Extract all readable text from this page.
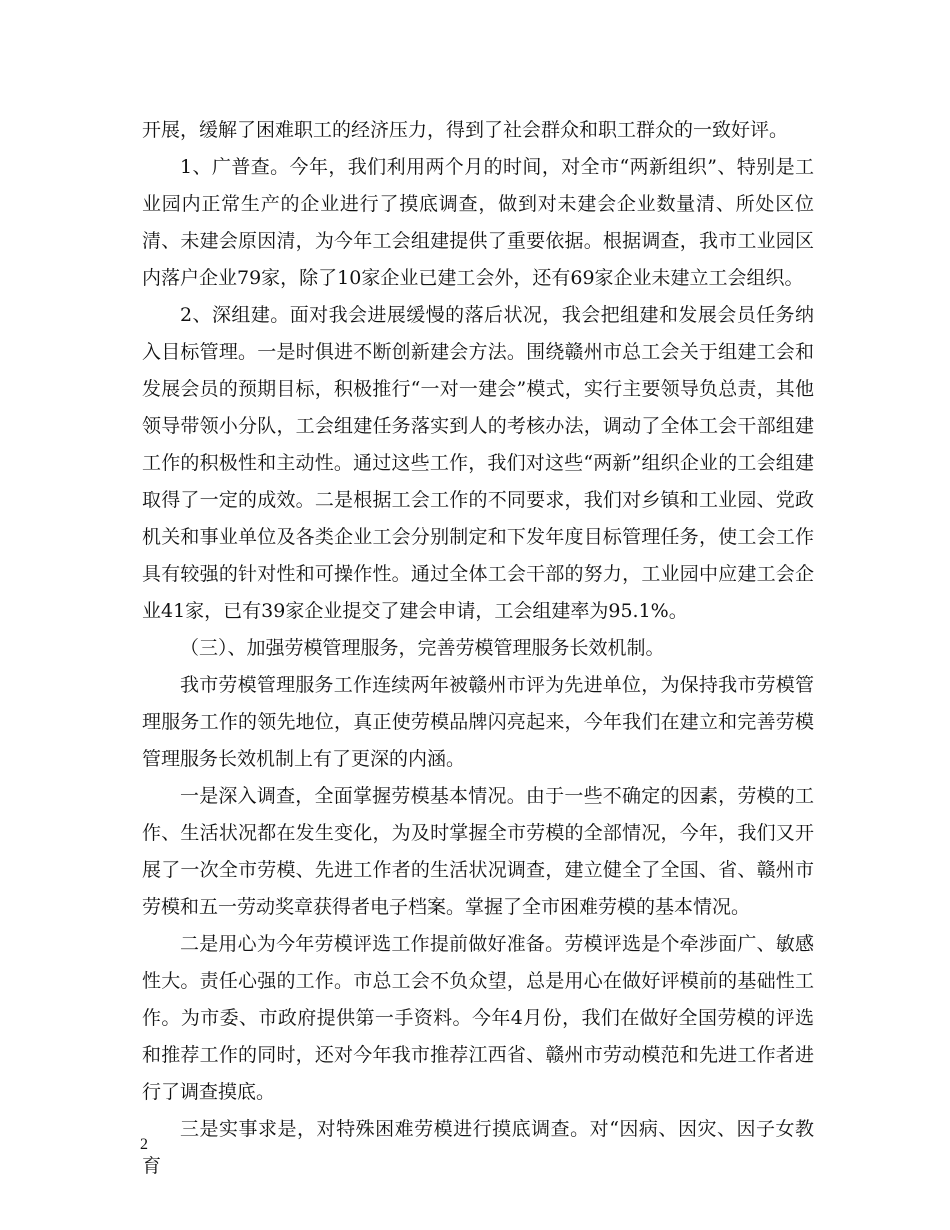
开展，缓解了困难职工的经济压力，得到了社会群众和职工群众的一致好评。

1、广普查。今年，我们利用两个月的时间，对全市“两新组织”、特别是工业园内正常生产的企业进行了摸底调查，做到对未建会企业数量清、所处区位清、未建会原因清，为今年工会组建提供了重要依据。根据调查，我市工业园区内落户企业79家，除了10家企业已建工会外，还有69家企业未建立工会组织。

2、深组建。面对我会进展缓慢的落后状况，我会把组建和发展会员任务纳入目标管理。一是时俱进不断创新建会方法。围绕赣州市总工会关于组建工会和发展会员的预期目标，积极推行“一对一建会”模式，实行主要领导负总责，其他领导带领小分队，工会组建任务落实到人的考核办法，调动了全体工会干部组建工作的积极性和主动性。通过这些工作，我们对这些“两新”组织企业的工会组建取得了一定的成效。二是根据工会工作的不同要求，我们对乡镇和工业园、党政机关和事业单位及各类企业工会分别制定和下发年度目标管理任务，使工会工作具有较强的针对性和可操作性。通过全体工会干部的努力，工业园中应建工会企业41家，已有39家企业提交了建会申请，工会组建率为95.1%。

（三）、加强劳模管理服务，完善劳模管理服务长效机制。

我市劳模管理服务工作连续两年被赣州市评为先进单位，为保持我市劳模管理服务工作的领先地位，真正使劳模品牌闪亮起来，今年我们在建立和完善劳模管理服务长效机制上有了更深的内涵。

一是深入调查，全面掌握劳模基本情况。由于一些不确定的因素，劳模的工作、生活状况都在发生变化，为及时掌握全市劳模的全部情况，今年，我们又开展了一次全市劳模、先进工作者的生活状况调查，建立健全了全国、省、赣州市劳模和五一劳动奖章获得者电子档案。掌握了全市困难劳模的基本情况。

二是用心为今年劳模评选工作提前做好准备。劳模评选是个牵涉面广、敏感性大。责任心强的工作。市总工会不负众望，总是用心在做好评模前的基础性工作。为市委、市政府提供第一手资料。今年4月份，我们在做好全国劳模的评选和推荐工作的同时，还对今年我市推荐江西省、赣州市劳动模范和先进工作者进行了调查摸底。

三是实事求是，对特殊困难劳模进行摸底调查。对“因病、因灾、因子女教育

2
